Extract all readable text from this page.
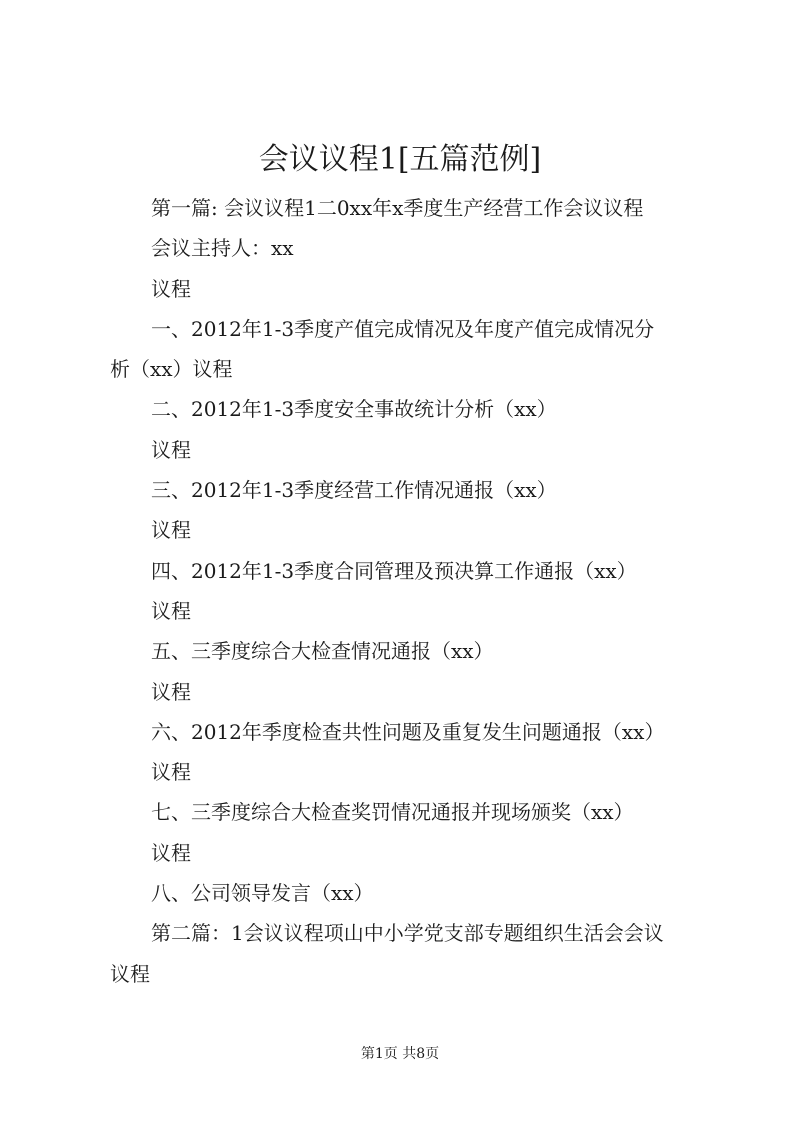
会议议程1[五篇范例]
第一篇: 会议议程1二0xx年x季度生产经营工作会议议程
会议主持人：xx
议程
一、2012年1-3季度产值完成情况及年度产值完成情况分
析（xx）议程
二、2012年1-3季度安全事故统计分析（xx）
议程
三、2012年1-3季度经营工作情况通报（xx）
议程
四、2012年1-3季度合同管理及预决算工作通报（xx）
议程
五、三季度综合大检查情况通报（xx）
议程
六、2012年季度检查共性问题及重复发生问题通报（xx）
议程
七、三季度综合大检查奖罚情况通报并现场颁奖（xx）
议程
八、公司领导发言（xx）
第二篇：1会议议程项山中小学党支部专题组织生活会会议
议程
第1页 共8页
